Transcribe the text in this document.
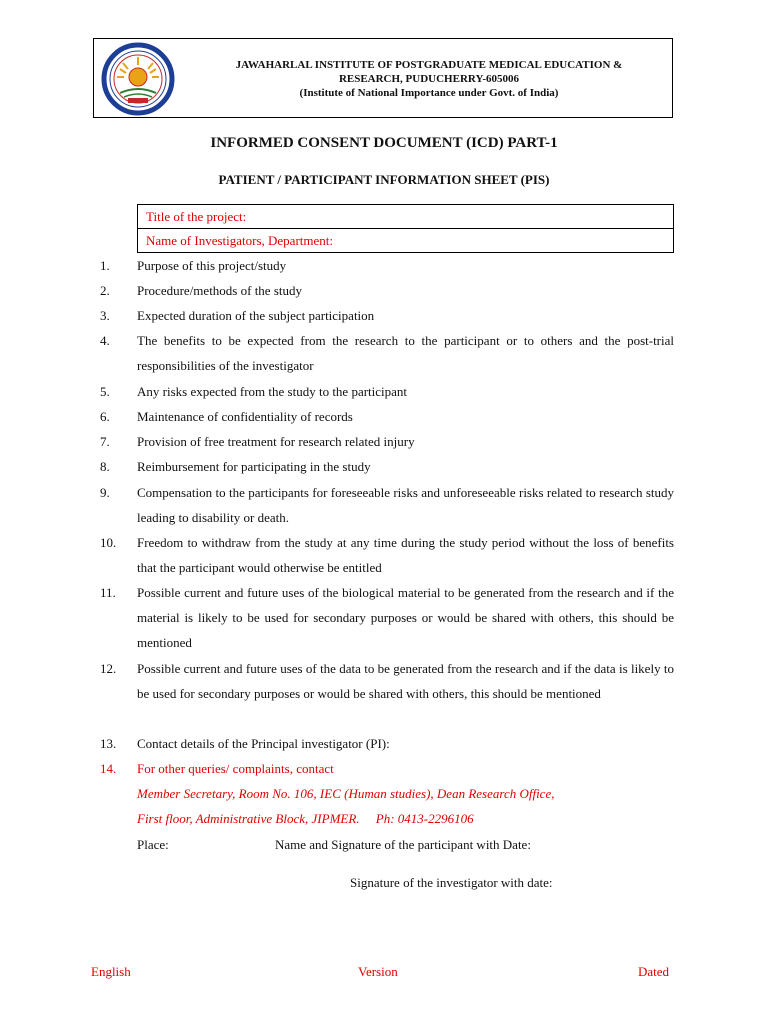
JAWAHARLAL INSTITUTE OF POSTGRADUATE MEDICAL EDUCATION &
RESEARCH, PUDUCHERRY-605006
(Institute of National Importance under Govt. of India)
INFORMED CONSENT DOCUMENT (ICD) PART-1
PATIENT / PARTICIPANT INFORMATION SHEET (PIS)
Title of the project:
Name of Investigators, Department:
1.	Purpose of this project/study
2.	Procedure/methods of the study
3.	Expected duration of the subject participation
4.	The benefits to be expected from the research to the participant or to others and the post-trial responsibilities of the investigator
5.	Any risks expected from the study to the participant
6.	Maintenance of confidentiality of records
7.	Provision of free treatment for research related injury
8.	Reimbursement for participating in the study
9.	Compensation to the participants for foreseeable risks and unforeseeable risks related to research study leading to disability or death.
10.	Freedom to withdraw from the study at any time during the study period without the loss of benefits that the participant would otherwise be entitled
11.	Possible current and future uses of the biological material to be generated from the research and if the material is likely to be used for secondary purposes or would be shared with others, this should be mentioned
12.	Possible current and future uses of the data to be generated from the research and if the data is likely to be used for secondary purposes or would be shared with others, this should be mentioned
13.	Contact details of the Principal investigator (PI):
14.	For other queries/ complaints, contact
Member Secretary, Room No. 106, IEC (Human studies), Dean Research Office,
First floor, Administrative Block, JIPMER.     Ph: 0413-2296106
Place:	Name and Signature of the participant with Date:
Signature of the investigator with date:
English	Version	Dated
